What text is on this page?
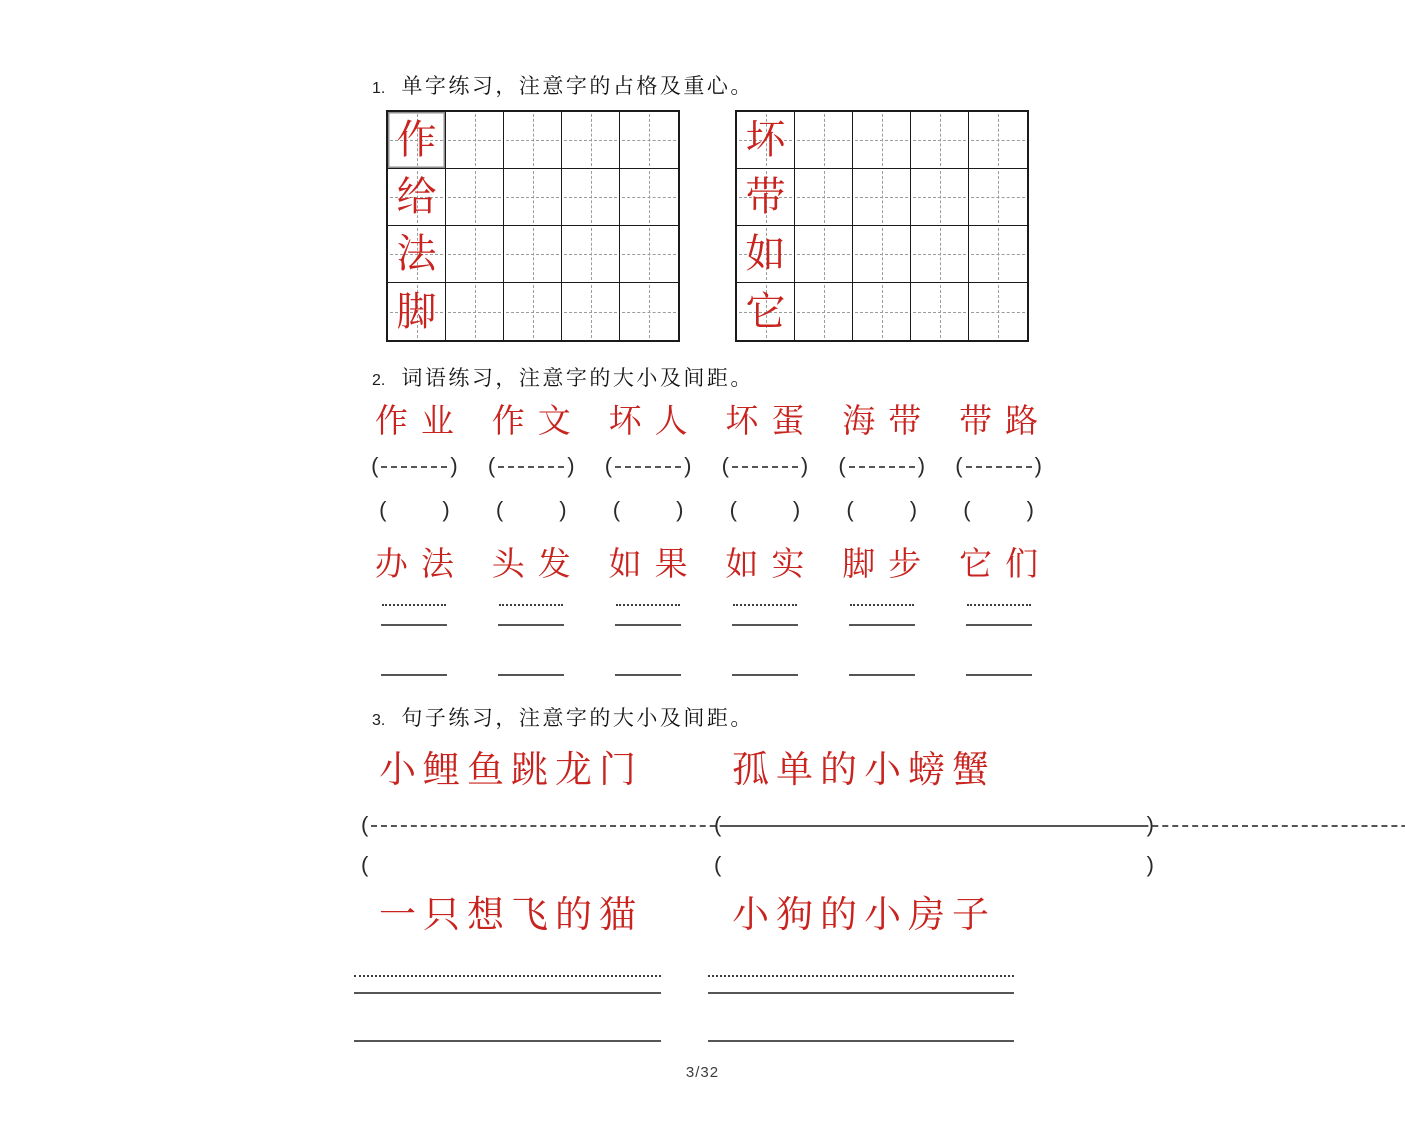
1. 单字练习，注意字的占格及重心。
作
给
法
脚
坏
带
如
它
2. 词语练习，注意字的大小及间距。
作业 作文 坏人 坏蛋 海带 带路
(	) (	) (	) (	) (	) (	)
(	) (	) (	) (	) (	) (	)
办法 头发 如果 如实 脚步 它们
3. 句子练习，注意字的大小及间距。
小鲤鱼跳龙门	孤单的小螃蟹
(	)
(
(	)
(
一只想飞的猫	小狗的小房子
3/32
